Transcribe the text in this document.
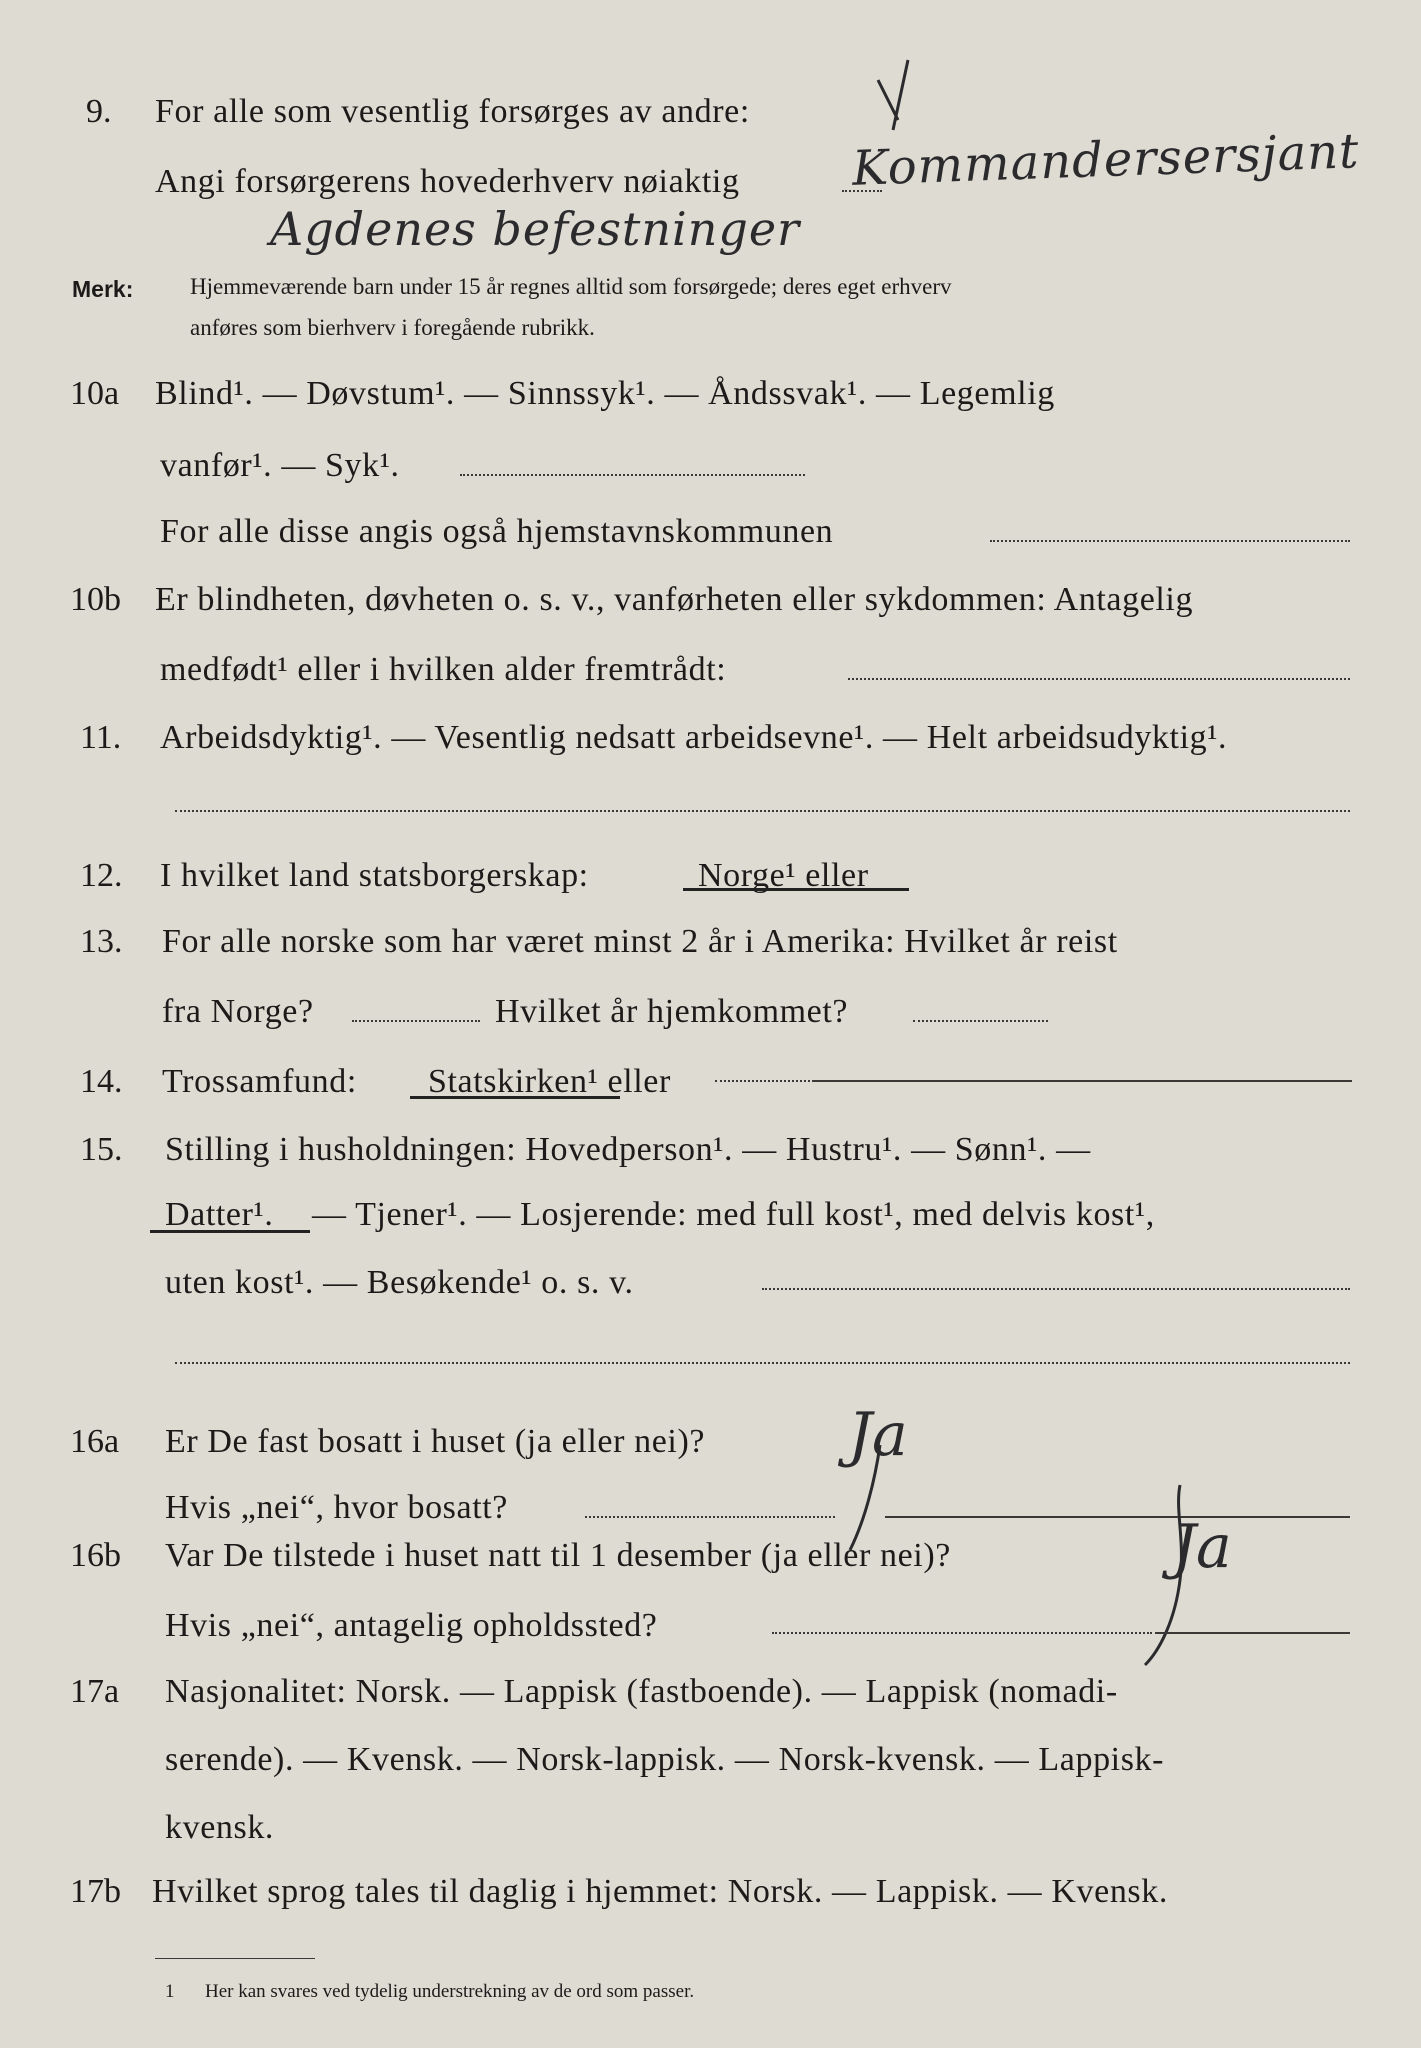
9. For alle som vesentlig forsørges av andre:
Angi forsørgerens hovederhverv nøiaktig Kommandersersjant
Agdenes befestninger
Merk: Hjemmeværende barn under 15 år regnes alltid som forsørgede; deres eget erhverv
anføres som bierhverv i foregående rubrikk.
10a Blind¹. — Døvstum¹. — Sinnssyk¹. — Åndssvak¹. — Legemlig
vanfør¹. — Syk¹.
For alle disse angis også hjemstavnskommunen
10b Er blindheten, døvheten o. s. v., vanførheten eller sykdommen: Antagelig
medfødt¹ eller i hvilken alder fremtrådt:
11. Arbeidsdyktig¹. — Vesentlig nedsatt arbeidsevne¹. — Helt arbeidsudyktig¹.
12. I hvilket land statsborgerskap:	Norge¹ eller
13. For alle norske som har været minst 2 år i Amerika: Hvilket år reist
fra Norge?	Hvilket år hjemkommet?
14. Trossamfund: Statskirken¹ eller
15. Stilling i husholdningen: Hovedperson¹. — Hustru¹. — Sønn¹. —
Datter¹. — Tjener¹. — Losjerende: med full kost¹, med delvis kost¹,
uten kost¹. — Besøkende¹ o. s. v.
16a Er De fast bosatt i huset (ja eller nei)? Ja
Hvis „nei“, hvor bosatt?
16b Var De tilstede i huset natt til 1 desember (ja eller nei)?	Ja
Hvis „nei“, antagelig opholdssted?
17a Nasjonalitet: Norsk. — Lappisk (fastboende). — Lappisk (nomadi-
serende). — Kvensk. — Norsk-lappisk. — Norsk-kvensk. — Lappisk-
kvensk.
17b Hvilket sprog tales til daglig i hjemmet: Norsk. — Lappisk. — Kvensk.
1 Her kan svares ved tydelig understrekning av de ord som passer.
